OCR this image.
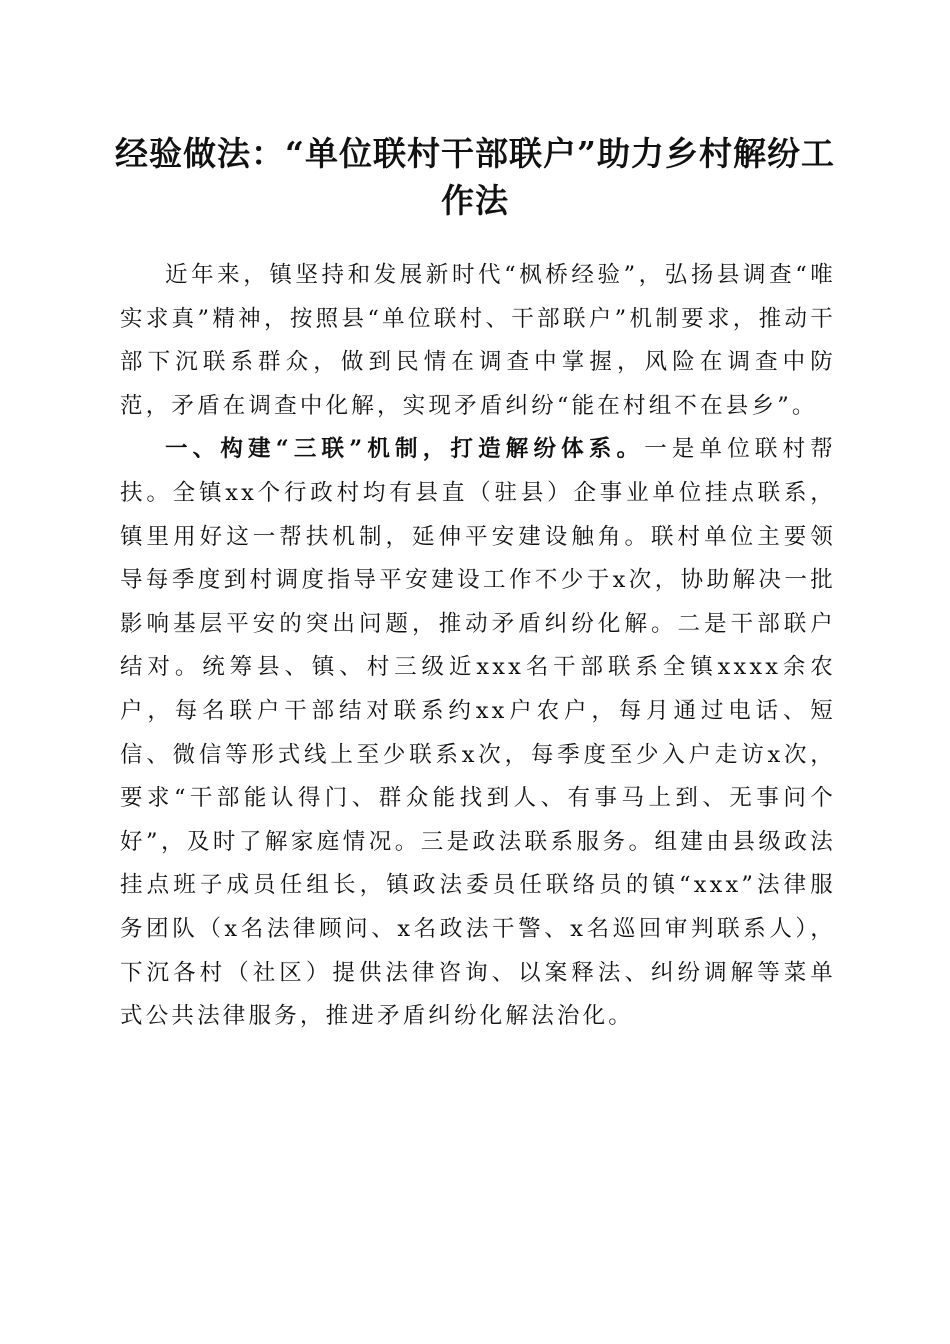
经验做法：“单位联村干部联户”助力乡村解纷工作法

近年来，镇坚持和发展新时代“枫桥经验”，弘扬县调查“唯实求真”精神，按照县“单位联村、干部联户”机制要求，推动干部下沉联系群众，做到民情在调查中掌握，风险在调查中防范，矛盾在调查中化解，实现矛盾纠纷“能在村组不在县乡”。

一、构建“三联”机制，打造解纷体系。一是单位联村帮扶。全镇xx个行政村均有县直（驻县）企事业单位挂点联系，镇里用好这一帮扶机制，延伸平安建设触角。联村单位主要领导每季度到村调度指导平安建设工作不少于x次，协助解决一批影响基层平安的突出问题，推动矛盾纠纷化解。二是干部联户结对。统筹县、镇、村三级近xxx名干部联系全镇xxxx余农户，每名联户干部结对联系约xx户农户，每月通过电话、短信、微信等形式线上至少联系x次，每季度至少入户走访x次，要求“干部能认得门、群众能找到人、有事马上到、无事问个好”，及时了解家庭情况。三是政法联系服务。组建由县级政法挂点班子成员任组长，镇政法委员任联络员的镇“xxx”法律服务团队（x名法律顾问、x名政法干警、x名巡回审判联系人），下沉各村（社区）提供法律咨询、以案释法、纠纷调解等菜单式公共法律服务，推进矛盾纠纷化解法治化。
